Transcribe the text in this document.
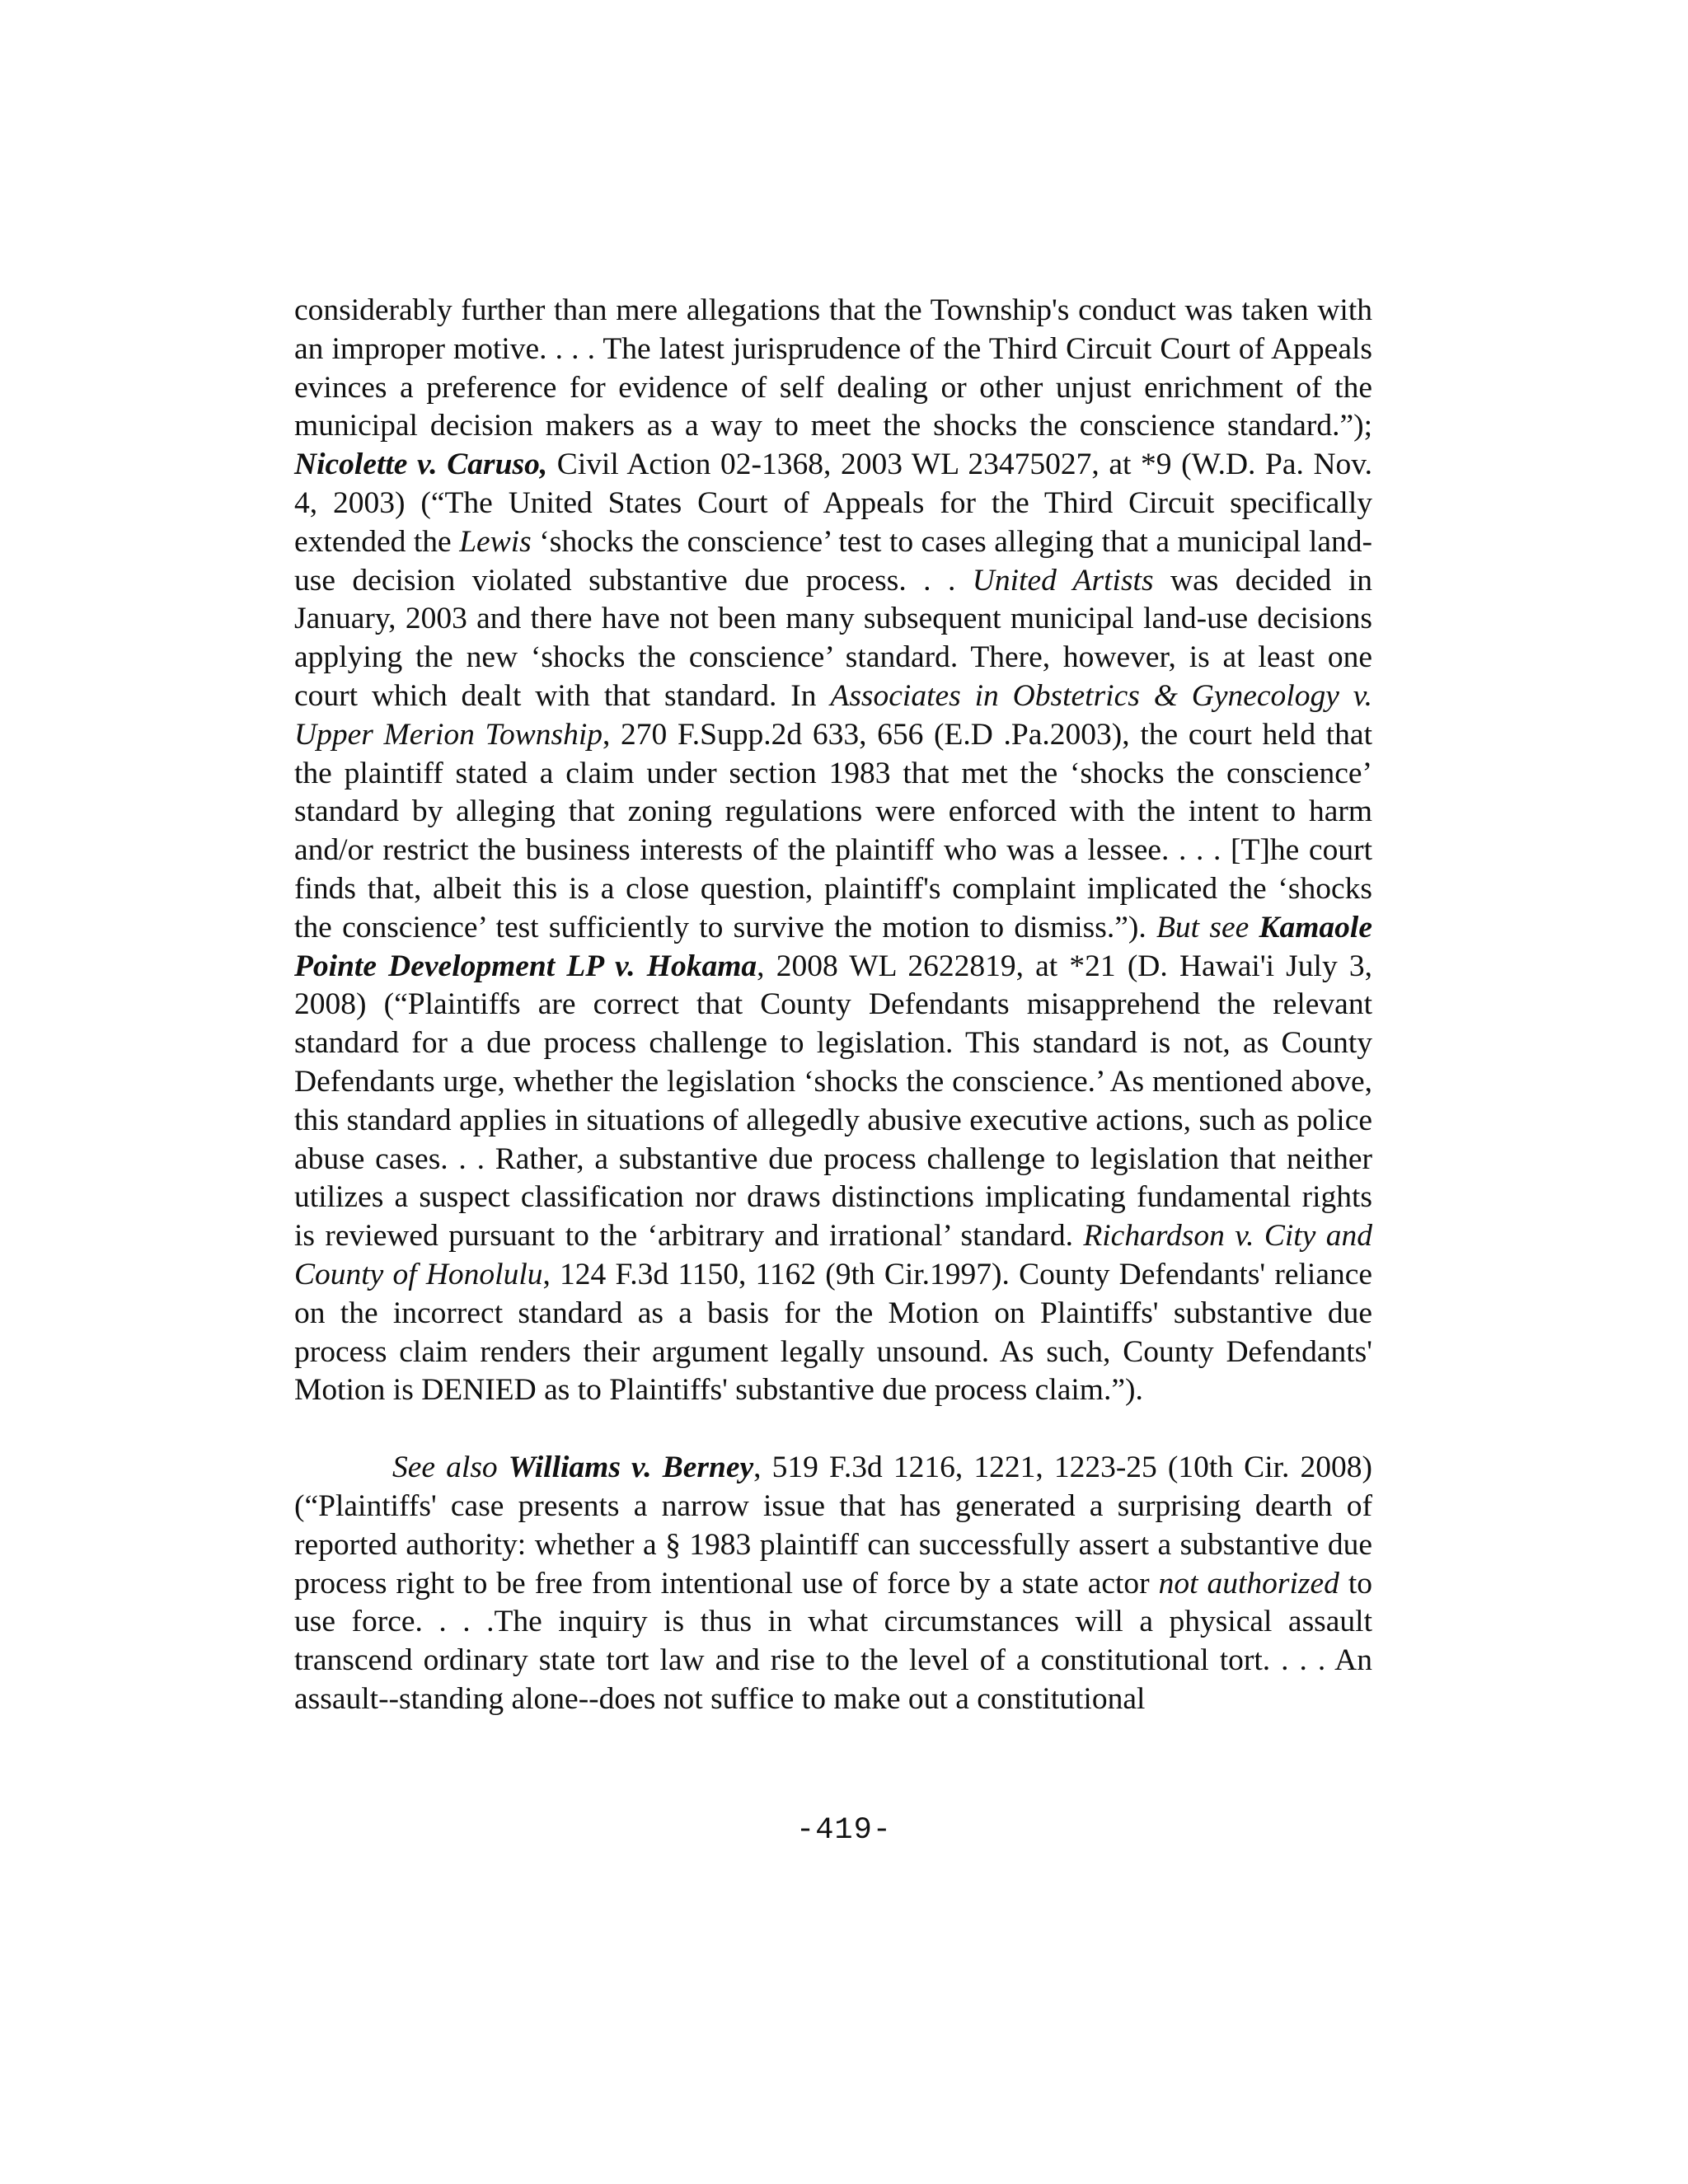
considerably further than mere allegations that the Township's conduct was taken with an improper motive. . . . The latest jurisprudence of the Third Circuit Court of Appeals evinces a preference for evidence of self dealing or other unjust enrichment of the municipal decision makers as a way to meet the shocks the conscience standard.”); Nicolette v. Caruso, Civil Action 02-1368, 2003 WL 23475027, at *9 (W.D. Pa. Nov. 4, 2003) (“The United States Court of Appeals for the Third Circuit specifically extended the Lewis ‘shocks the conscience’ test to cases alleging that a municipal land-use decision violated substantive due process. . . United Artists was decided in January, 2003 and there have not been many subsequent municipal land-use decisions applying the new ‘shocks the conscience’ standard. There, however, is at least one court which dealt with that standard. In Associates in Obstetrics & Gynecology v. Upper Merion Township, 270 F.Supp.2d 633, 656 (E.D .Pa.2003), the court held that the plaintiff stated a claim under section 1983 that met the ‘shocks the conscience’ standard by alleging that zoning regulations were enforced with the intent to harm and/or restrict the business interests of the plaintiff who was a lessee. . . . [T]he court finds that, albeit this is a close question, plaintiff's complaint implicated the ‘shocks the conscience’ test sufficiently to survive the motion to dismiss.”). But see Kamaole Pointe Development LP v. Hokama, 2008 WL 2622819, at *21 (D. Hawai'i July 3, 2008) (“Plaintiffs are correct that County Defendants misapprehend the relevant standard for a due process challenge to legislation. This standard is not, as County Defendants urge, whether the legislation ‘shocks the conscience.’ As mentioned above, this standard applies in situations of allegedly abusive executive actions, such as police abuse cases. . . Rather, a substantive due process challenge to legislation that neither utilizes a suspect classification nor draws distinctions implicating fundamental rights is reviewed pursuant to the ‘arbitrary and irrational’ standard. Richardson v. City and County of Honolulu, 124 F.3d 1150, 1162 (9th Cir.1997). County Defendants' reliance on the incorrect standard as a basis for the Motion on Plaintiffs' substantive due process claim renders their argument legally unsound. As such, County Defendants' Motion is DENIED as to Plaintiffs' substantive due process claim.”).

See also Williams v. Berney, 519 F.3d 1216, 1221, 1223-25 (10th Cir. 2008) (“Plaintiffs' case presents a narrow issue that has generated a surprising dearth of reported authority: whether a § 1983 plaintiff can successfully assert a substantive due process right to be free from intentional use of force by a state actor not authorized to use force. . . .The inquiry is thus in what circumstances will a physical assault transcend ordinary state tort law and rise to the level of a constitutional tort. . . . An assault--standing alone--does not suffice to make out a constitutional

-419-
